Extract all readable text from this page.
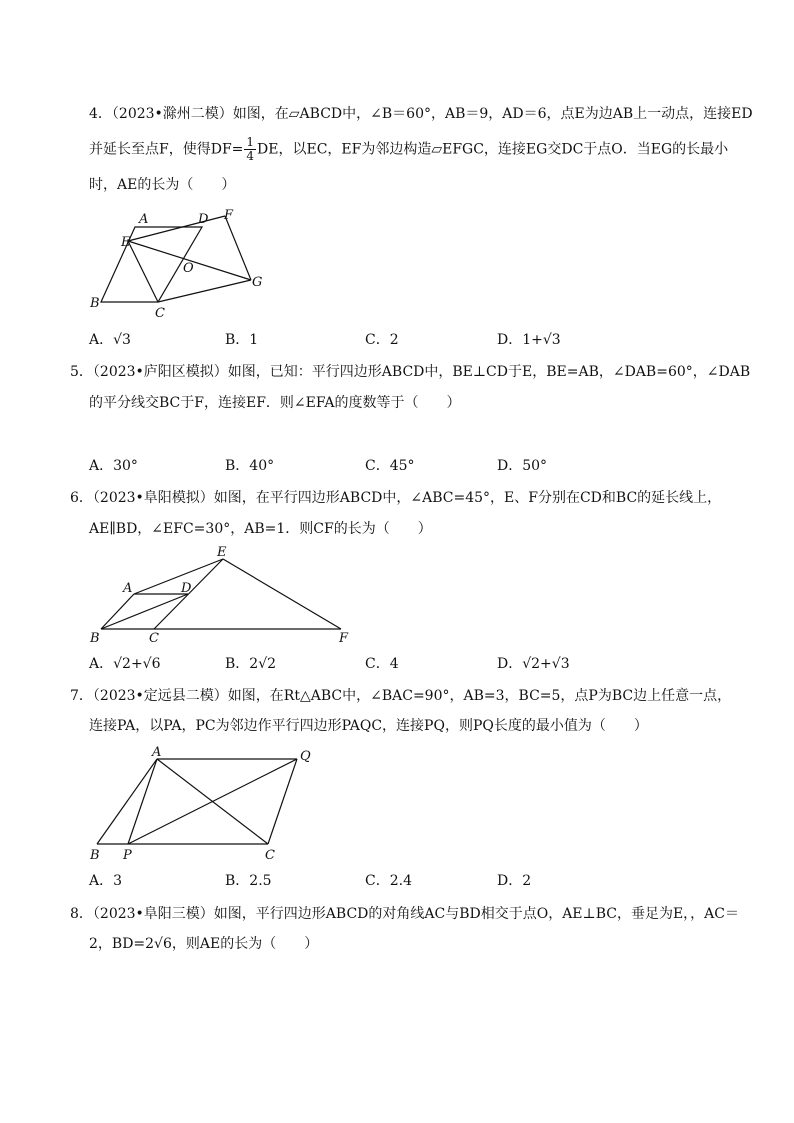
4．（2023•滁州二模）如图，在▱ABCD中，∠B＝60°，AB＝9，AD＝6，点E为边AB上一动点，连接ED
并延长至点F，使得$DF= \frac{1}{4}$ DE，以EC，EF为邻边构造▱EFGC，连接EG交DC于点O．当EG的长最小
时，AE的长为（　　）
A	D F
E
O
G
B
C
A．√3	B．1	C．2	D．1+√3
5．（2023•庐阳区模拟）如图，已知：平行四边形ABCD中，BE⊥CD于E，BE=AB，∠DAB=60°，∠DAB
的平分线交BC于F，连接EF．则∠EFA的度数等于（　　）
A．30°	B．40°	C．45°	D．50°
6．（2023•阜阳模拟）如图，在平行四边形ABCD中，∠ABC=45°，E、F分别在CD和BC的延长线上，
AE∥BD，∠EFC=30°，AB=1．则CF的长为（　　）
E
A	D
B	C	F
A．√2+√6	B．2√2	C．4	D．√2+√3
7．（2023•定远县二模）如图，在Rt△ABC中，∠BAC=90°，AB=3，BC=5，点P为BC边上任意一点，
连接PA，以PA，PC为邻边作平行四边形PAQC，连接PQ，则PQ长度的最小值为（　　）
A	Q
B P	C
A．3	B．2.5	C．2.4	D．2
8．（2023•阜阳三模）如图，平行四边形ABCD的对角线AC与BD相交于点O，AE⊥BC，垂足为E，，AC＝
2，BD=2√6，则AE的长为（　　）
